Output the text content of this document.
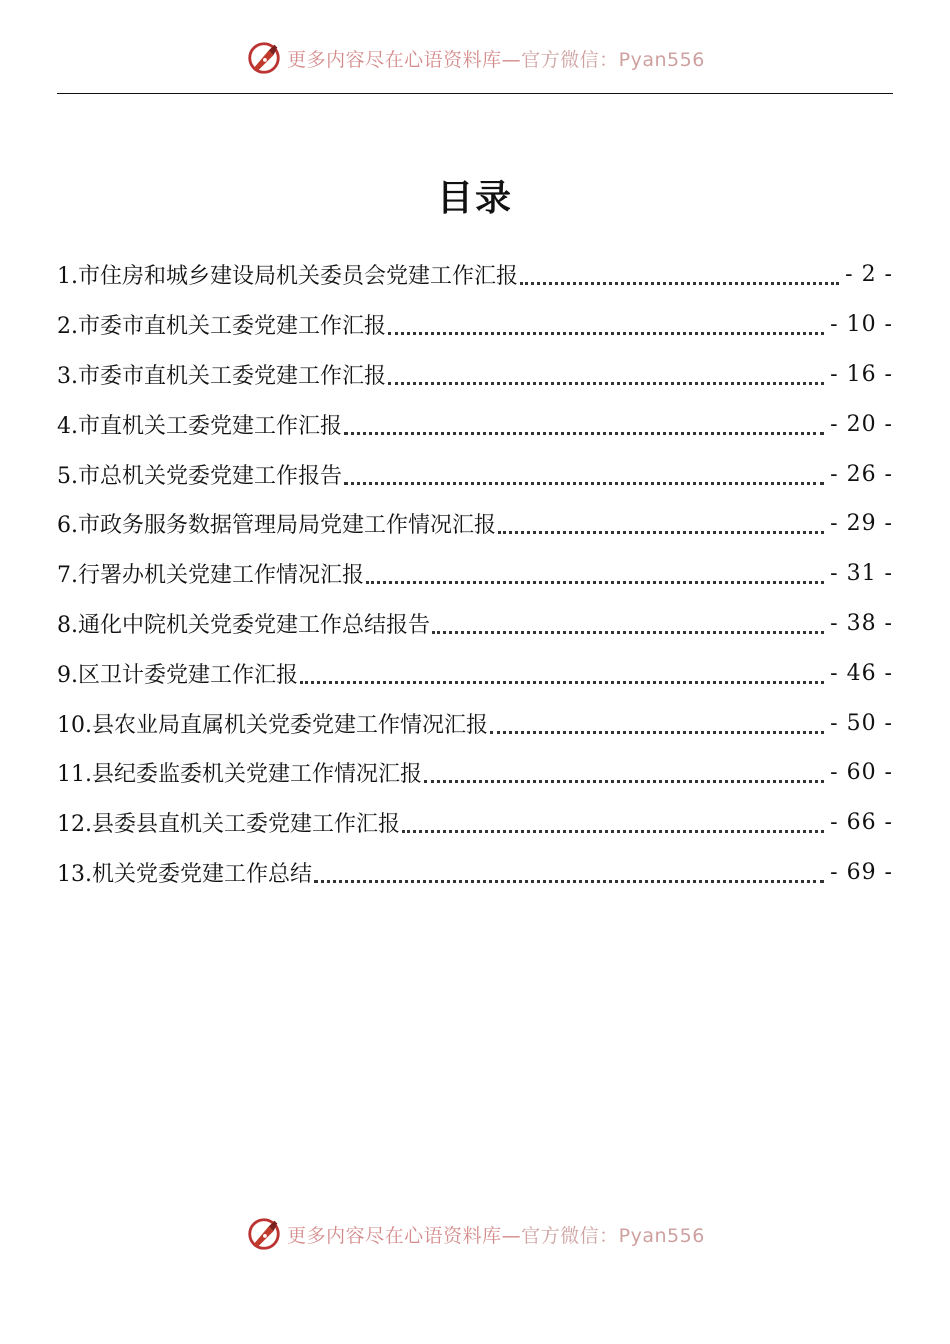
更多内容尽在心语资料库—官方微信：Pyan556
目录
1.市住房和城乡建设局机关委员会党建工作汇报	- 2 -
2.市委市直机关工委党建工作汇报	- 10 -
3.市委市直机关工委党建工作汇报	- 16 -
4.市直机关工委党建工作汇报	- 20 -
5.市总机关党委党建工作报告	- 26 -
6.市政务服务数据管理局局党建工作情况汇报	- 29 -
7.行署办机关党建工作情况汇报	- 31 -
8.通化中院机关党委党建工作总结报告	- 38 -
9.区卫计委党建工作汇报	- 46 -
10.县农业局直属机关党委党建工作情况汇报	- 50 -
11.县纪委监委机关党建工作情况汇报	- 60 -
12.县委县直机关工委党建工作汇报	- 66 -
13.机关党委党建工作总结	- 69 -
更多内容尽在心语资料库—官方微信：Pyan556
